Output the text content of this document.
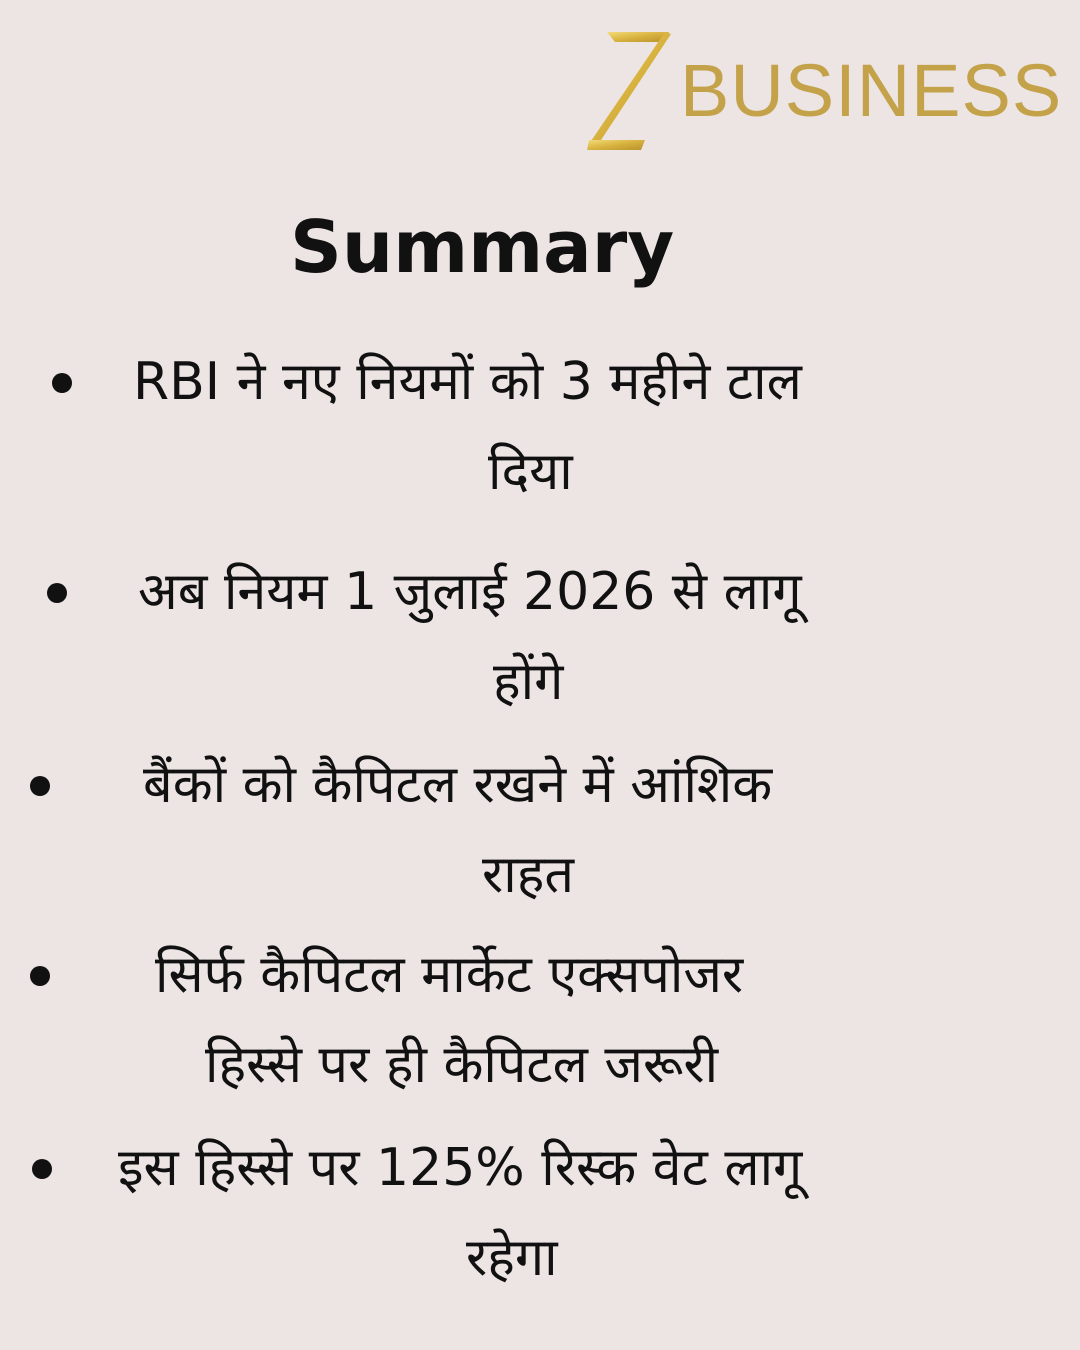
BUSINESS
Summary
RBI ने नए नियमों को 3 महीने टाल
दिया
अब नियम 1 जुलाई 2026 से लागू
होंगे
बैंकों को कैपिटल रखने में आंशिक
राहत
सिर्फ कैपिटल मार्केट एक्सपोजर
हिस्से पर ही कैपिटल जरूरी
इस हिस्से पर 125% रिस्क वेट लागू
रहेगा
